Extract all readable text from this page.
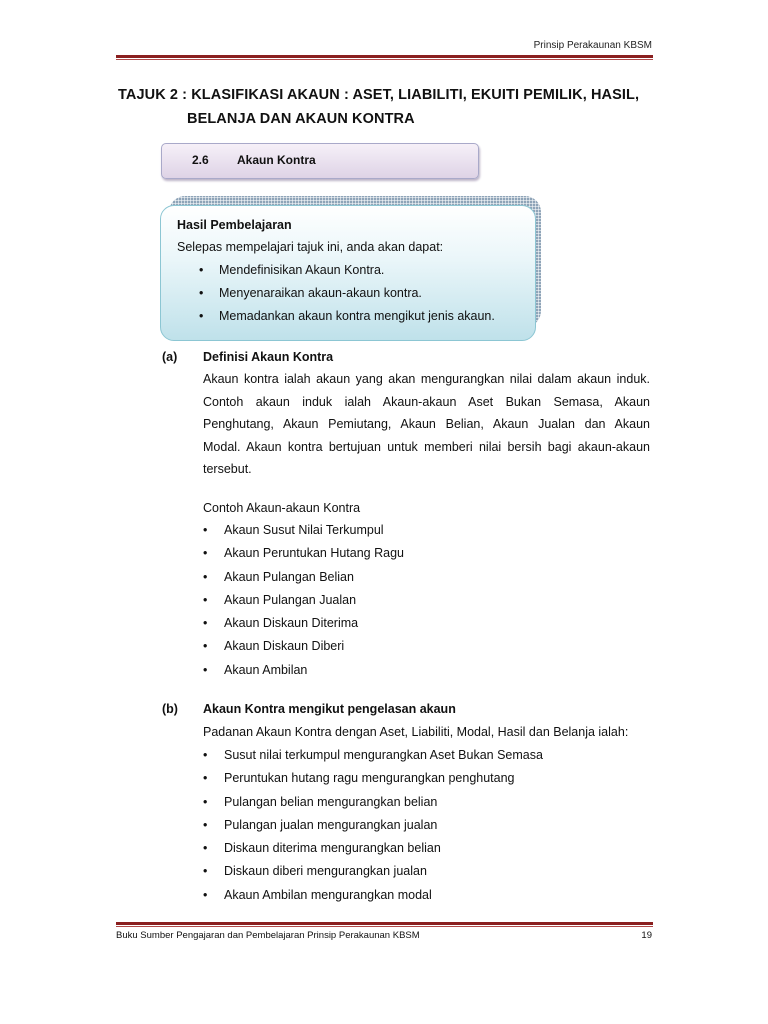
Prinsip Perakaunan KBSM
TAJUK 2 : KLASIFIKASI AKAUN : ASET, LIABILITI, EKUITI PEMILIK, HASIL,
BELANJA DAN AKAUN KONTRA
2.6 Akaun Kontra
Hasil Pembelajaran
Selepas mempelajari tajuk ini, anda akan dapat:
• Mendefinisikan Akaun Kontra.
• Menyenaraikan akaun-akaun kontra.
• Memadankan akaun kontra mengikut jenis akaun.
(a) Definisi Akaun Kontra
Akaun kontra ialah akaun yang akan mengurangkan nilai dalam akaun induk.
Contoh akaun induk ialah Akaun-akaun Aset Bukan Semasa, Akaun
Penghutang, Akaun Pemiutang, Akaun Belian, Akaun Jualan dan Akaun
Modal. Akaun kontra bertujuan untuk memberi nilai bersih bagi akaun-akaun
tersebut.
Contoh Akaun-akaun Kontra
• Akaun Susut Nilai Terkumpul
• Akaun Peruntukan Hutang Ragu
• Akaun Pulangan Belian
• Akaun Pulangan Jualan
• Akaun Diskaun Diterima
• Akaun Diskaun Diberi
• Akaun Ambilan
(b) Akaun Kontra mengikut pengelasan akaun
Padanan Akaun Kontra dengan Aset, Liabiliti, Modal, Hasil dan Belanja ialah:
• Susut nilai terkumpul mengurangkan Aset Bukan Semasa
• Peruntukan hutang ragu mengurangkan penghutang
• Pulangan belian mengurangkan belian
• Pulangan jualan mengurangkan jualan
• Diskaun diterima mengurangkan belian
• Diskaun diberi mengurangkan jualan
• Akaun Ambilan mengurangkan modal
Buku Sumber Pengajaran dan Pembelajaran Prinsip Perakaunan KBSM	19
